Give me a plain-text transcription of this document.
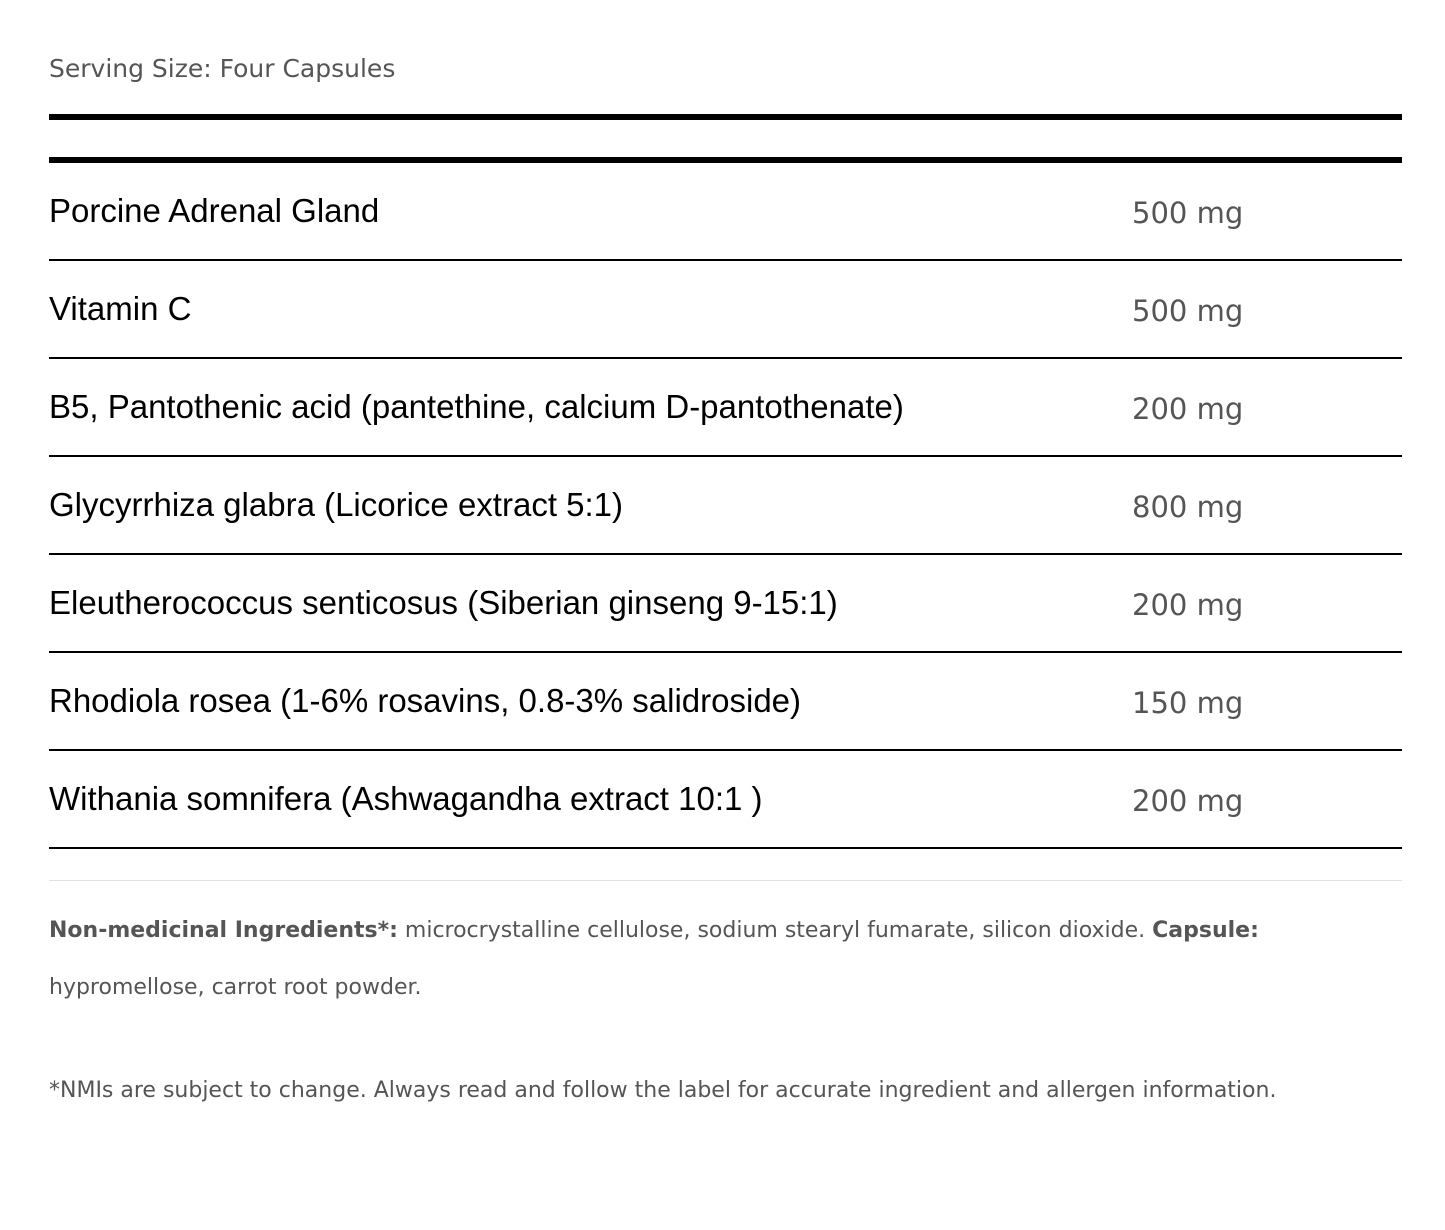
Serving Size: Four Capsules
Porcine Adrenal Gland	500 mg
Vitamin C	500 mg
B5, Pantothenic acid (pantethine, calcium D-pantothenate)	200 mg
Glycyrrhiza glabra (Licorice extract 5:1)	800 mg
Eleutherococcus senticosus (Siberian ginseng 9-15:1)	200 mg
Rhodiola rosea (1-6% rosavins, 0.8-3% salidroside)	150 mg
Withania somnifera (Ashwagandha extract 10:1 )	200 mg
Non-medicinal Ingredients*: microcrystalline cellulose, sodium stearyl fumarate, silicon dioxide. Capsule: hypromellose, carrot root powder.
*NMIs are subject to change. Always read and follow the label for accurate ingredient and allergen information.
